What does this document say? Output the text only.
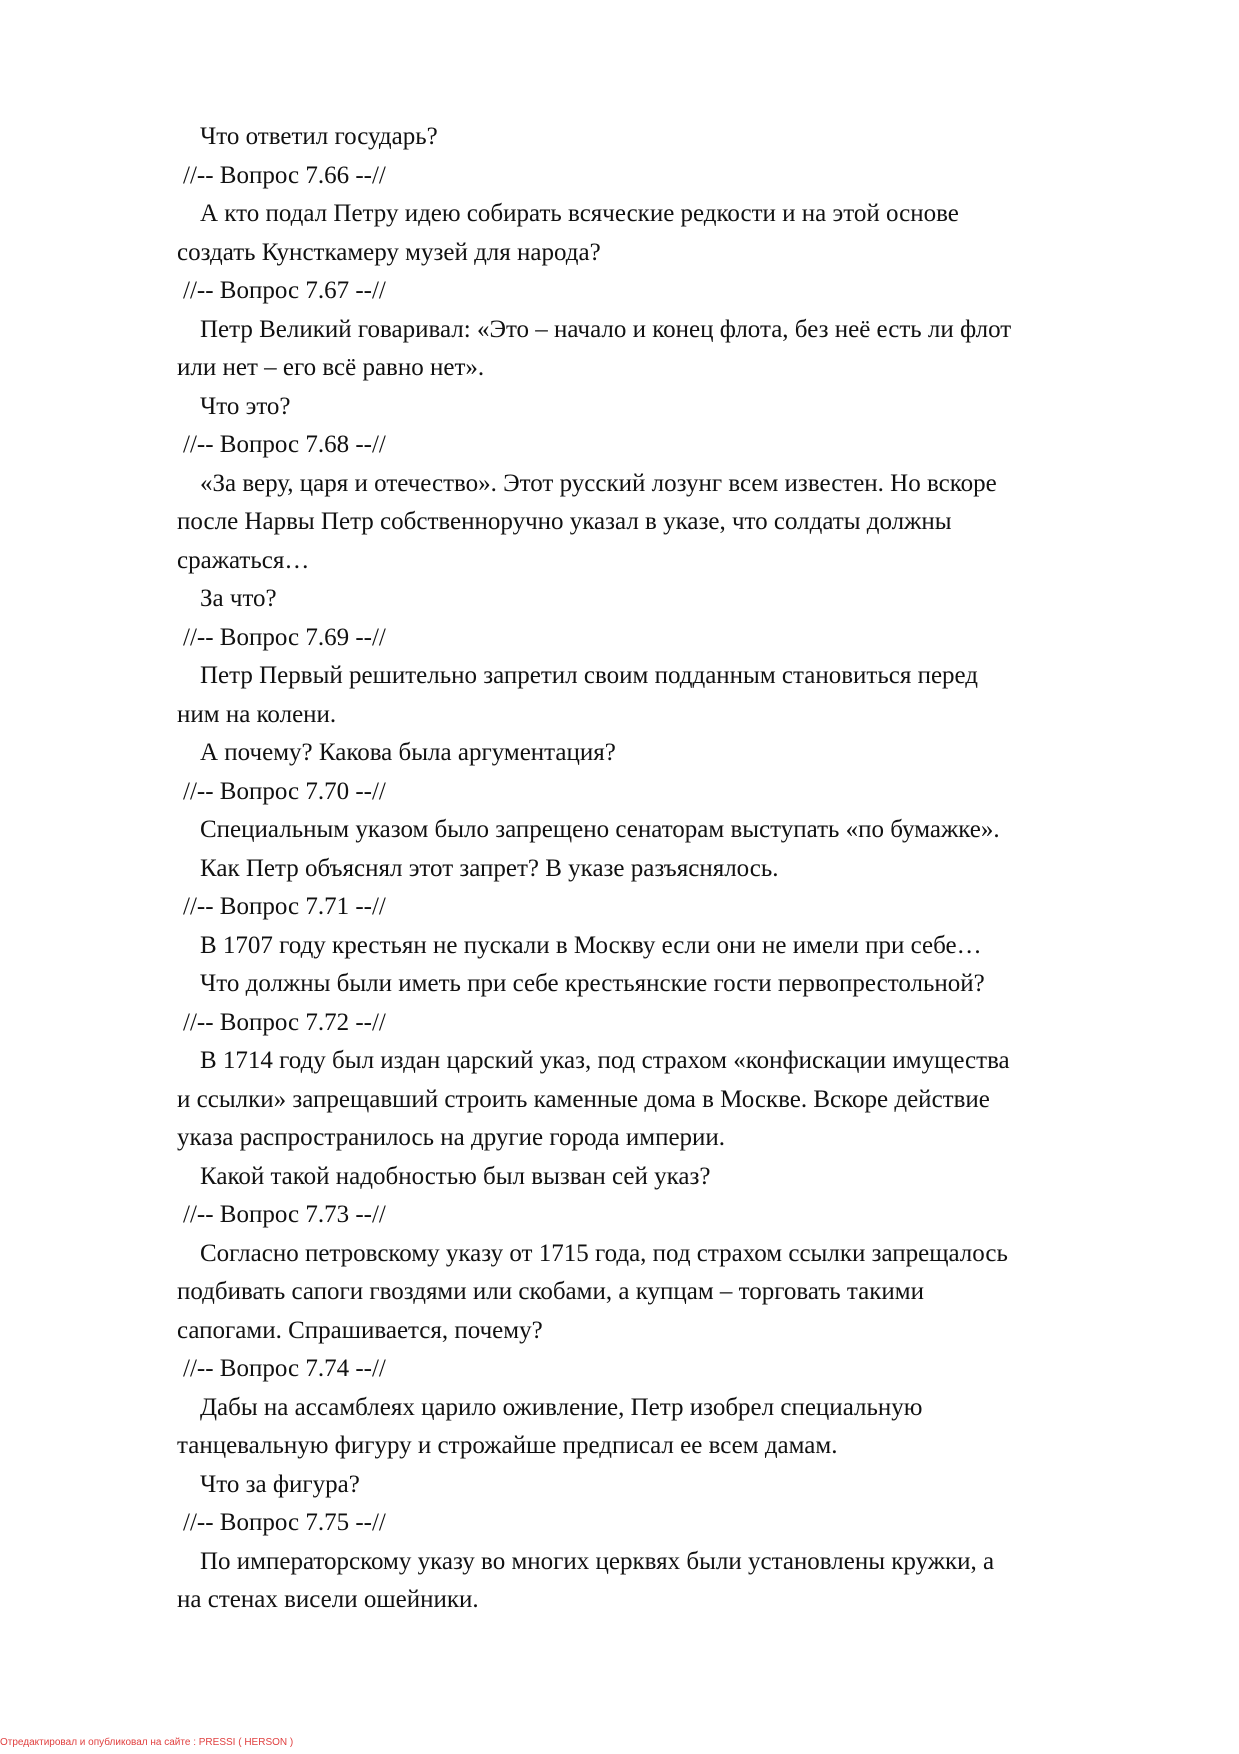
Что ответил государь?

//-- Вопрос 7.66 --//

А кто подал Петру идею собирать всяческие редкости и на этой основе

создать Кунсткамеру музей для народа?

//-- Вопрос 7.67 --//

Петр Великий говаривал: «Это – начало и конец флота, без неё есть ли флот

или нет – его всё равно нет».

Что это?

//-- Вопрос 7.68 --//

«За веру, царя и отечество». Этот русский лозунг всем известен. Но вскоре

после Нарвы Петр собственноручно указал в указе, что солдаты должны

сражаться…

За что?

//-- Вопрос 7.69 --//

Петр Первый решительно запретил своим подданным становиться перед

ним на колени.

А почему? Какова была аргументация?

//-- Вопрос 7.70 --//

Специальным указом было запрещено сенаторам выступать «по бумажке».

Как Петр объяснял этот запрет? В указе разъяснялось.

//-- Вопрос 7.71 --//

В 1707 году крестьян не пускали в Москву если они не имели при себе…

Что должны были иметь при себе крестьянские гости первопрестольной?

//-- Вопрос 7.72 --//

В 1714 году был издан царский указ, под страхом «конфискации имущества

и ссылки» запрещавший строить каменные дома в Москве. Вскоре действие

указа распространилось на другие города империи.

Какой такой надобностью был вызван сей указ?

//-- Вопрос 7.73 --//

Согласно петровскому указу от 1715 года, под страхом ссылки запрещалось

подбивать сапоги гвоздями или скобами, а купцам – торговать такими

сапогами. Спрашивается, почему?

//-- Вопрос 7.74 --//

Дабы на ассамблеях царило оживление, Петр изобрел специальную

танцевальную фигуру и строжайше предписал ее всем дамам.

Что за фигура?

//-- Вопрос 7.75 --//

По императорскому указу во многих церквях были установлены кружки, а

на стенах висели ошейники.

Отредактировал и опубликовал на сайте : PRESSI ( HERSON )
